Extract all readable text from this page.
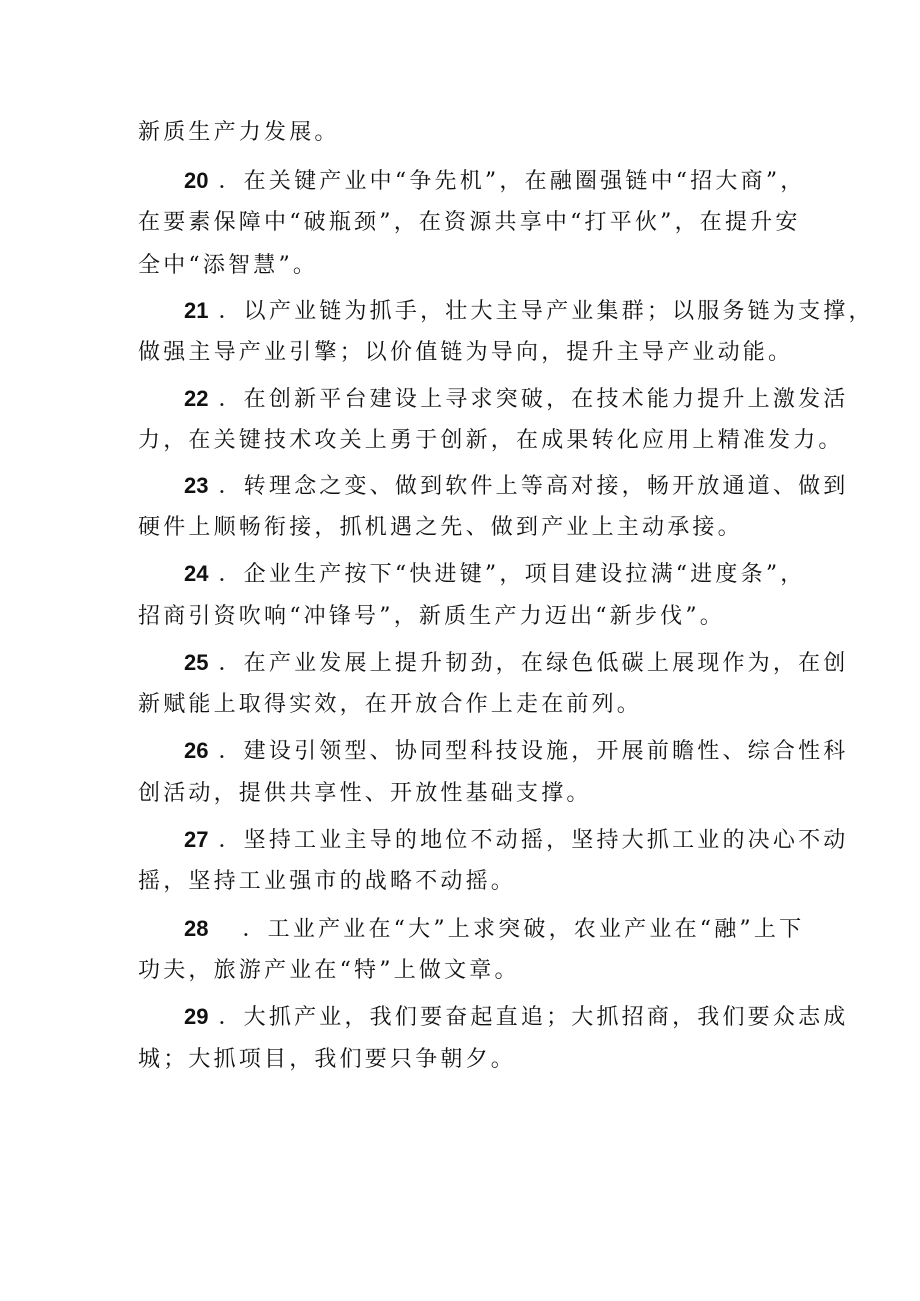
新质生产力发展。
20 ．在关键产业中“争先机”，在融圈强链中“招大商”，
在要素保障中“破瓶颈”，在资源共享中“打平伙”，在提升安
全中“添智慧”。
21 ．以产业链为抓手，壮大主导产业集群；以服务链为支撑，
做强主导产业引擎；以价值链为导向，提升主导产业动能。
22 ．在创新平台建设上寻求突破，在技术能力提升上激发活
力，在关键技术攻关上勇于创新，在成果转化应用上精准发力。
23 ．转理念之变、做到软件上等高对接，畅开放通道、做到
硬件上顺畅衔接，抓机遇之先、做到产业上主动承接。
24 ．企业生产按下“快进键”，项目建设拉满“进度条”，
招商引资吹响“冲锋号”，新质生产力迈出“新步伐”。
25 ．在产业发展上提升韧劲，在绿色低碳上展现作为，在创
新赋能上取得实效，在开放合作上走在前列。
26 ．建设引领型、协同型科技设施，开展前瞻性、综合性科
创活动，提供共享性、开放性基础支撑。
27 ．坚持工业主导的地位不动摇，坚持大抓工业的决心不动
摇，坚持工业强市的战略不动摇。
28 ．工业产业在“大”上求突破，农业产业在“融”上下
功夫，旅游产业在“特”上做文章。
29 ．大抓产业，我们要奋起直追；大抓招商，我们要众志成
城；大抓项目，我们要只争朝夕。
